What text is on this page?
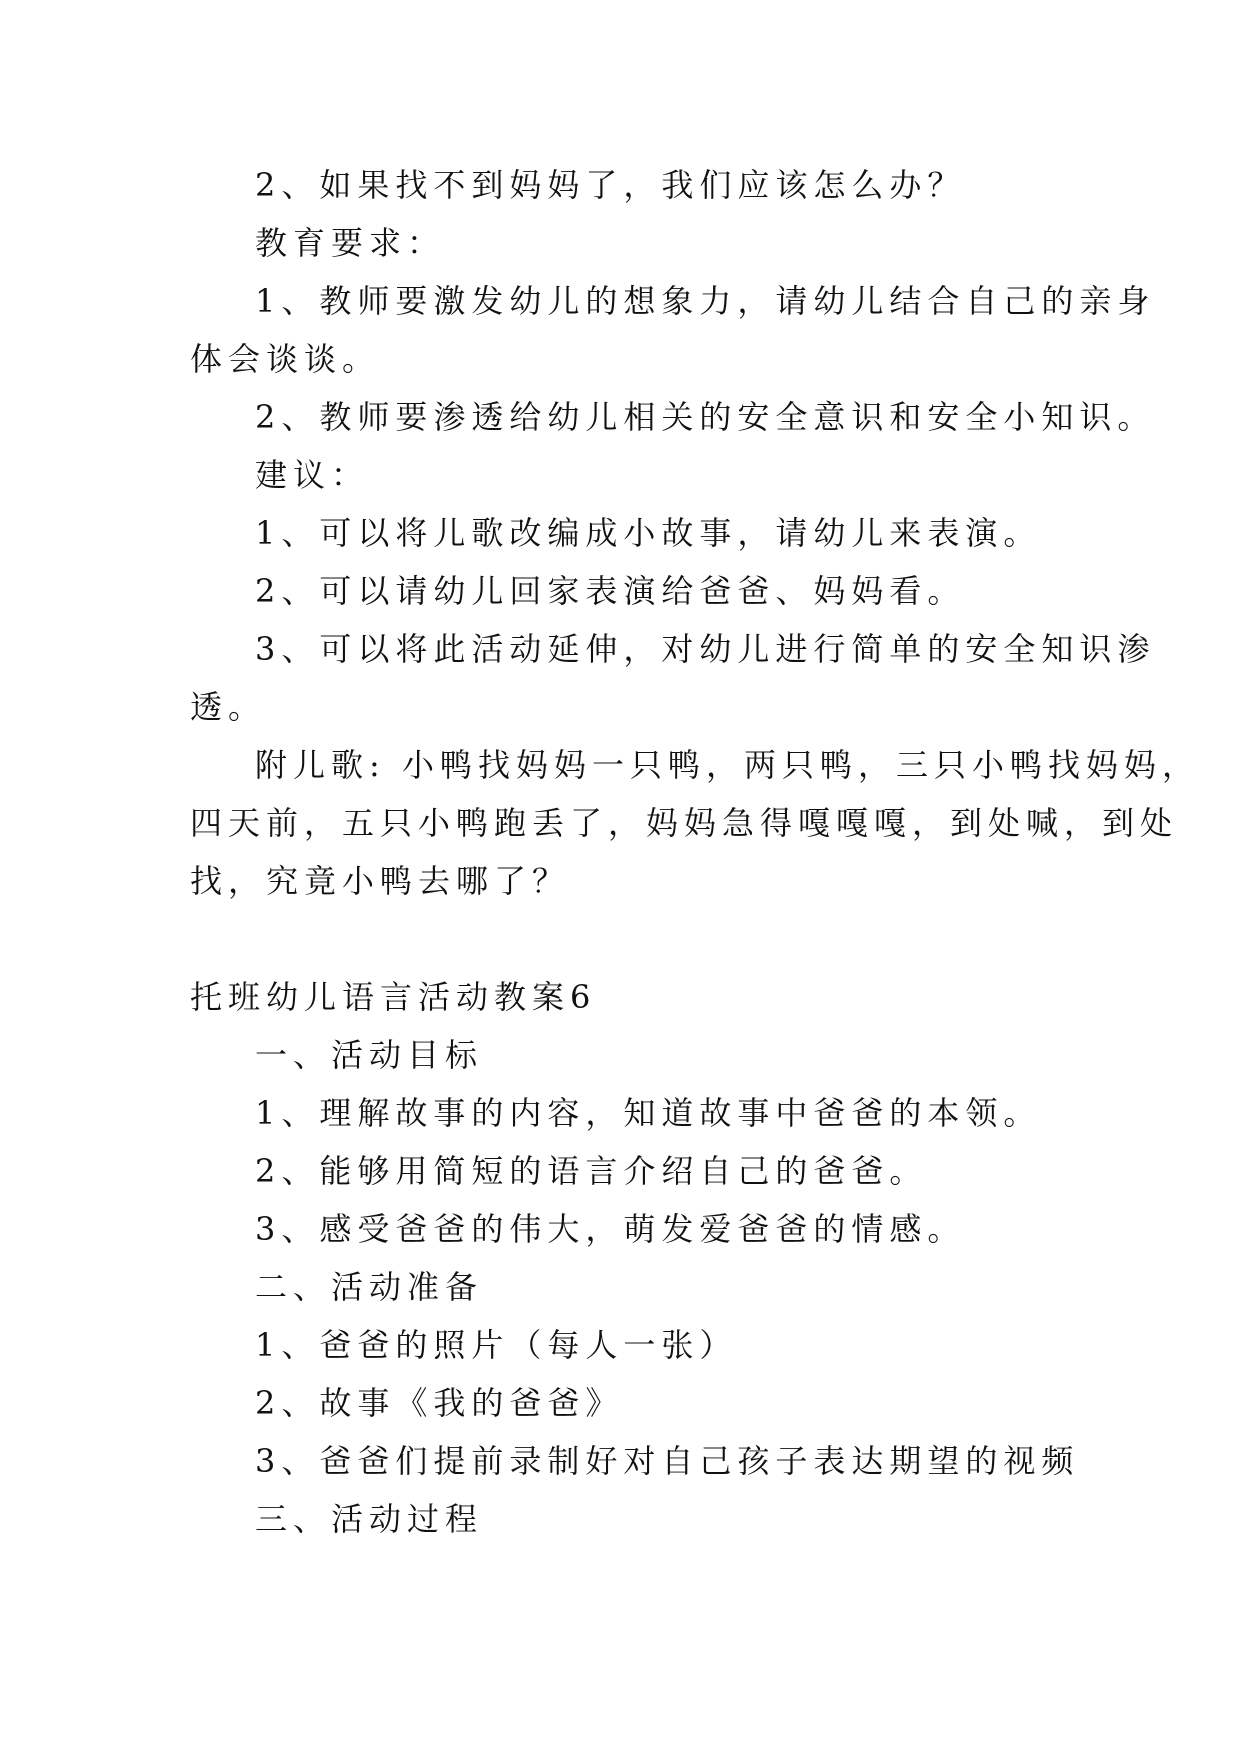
2、如果找不到妈妈了，我们应该怎么办？
教育要求：
1、教师要激发幼儿的想象力，请幼儿结合自己的亲身
体会谈谈。
2、教师要渗透给幼儿相关的安全意识和安全小知识。
建议：
1、可以将儿歌改编成小故事，请幼儿来表演。
2、可以请幼儿回家表演给爸爸、妈妈看。
3、可以将此活动延伸，对幼儿进行简单的安全知识渗
透。
附儿歌: 小鸭找妈妈一只鸭，两只鸭，三只小鸭找妈妈，
四天前，五只小鸭跑丢了，妈妈急得嘎嘎嘎，到处喊，到处
找，究竟小鸭去哪了？
托班幼儿语言活动教案6
一、活动目标
1、理解故事的内容，知道故事中爸爸的本领。
2、能够用简短的语言介绍自己的爸爸。
3、感受爸爸的伟大，萌发爱爸爸的情感。
二、活动准备
1、爸爸的照片（每人一张）
2、故事《我的爸爸》
3、爸爸们提前录制好对自己孩子表达期望的视频
三、活动过程
